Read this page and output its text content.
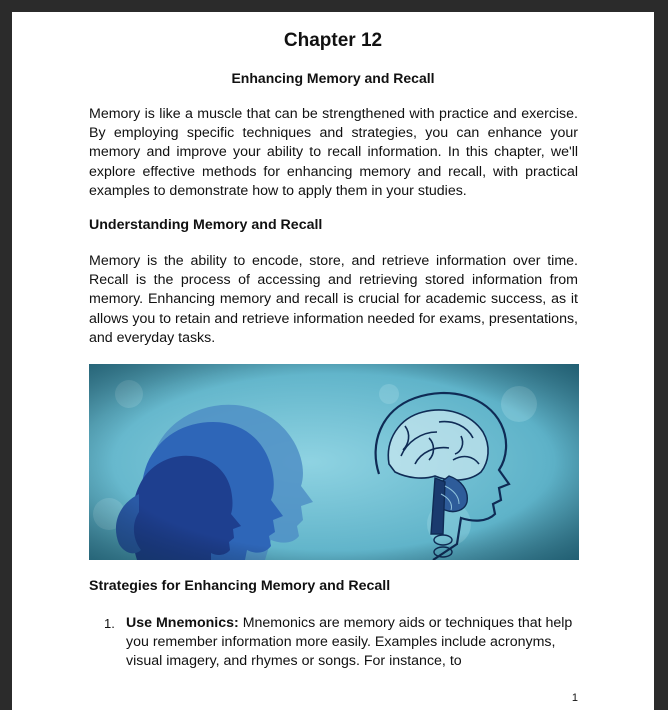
Chapter 12
Enhancing Memory and Recall

Memory is like a muscle that can be strengthened with practice and exercise. By employing specific techniques and strategies, you can enhance your memory and improve your ability to recall information. In this chapter, we'll explore effective methods for enhancing memory and recall, with practical examples to demonstrate how to apply them in your studies.

Understanding Memory and Recall

Memory is the ability to encode, store, and retrieve information over time. Recall is the process of accessing and retrieving stored information from memory. Enhancing memory and recall is crucial for academic success, as it allows you to retain and retrieve information needed for exams, presentations, and everyday tasks.

Strategies for Enhancing Memory and Recall
1. Use Mnemonics: Mnemonics are memory aids or techniques that help you remember information more easily. Examples include acronyms, visual imagery, and rhymes or songs. For instance, to
1
